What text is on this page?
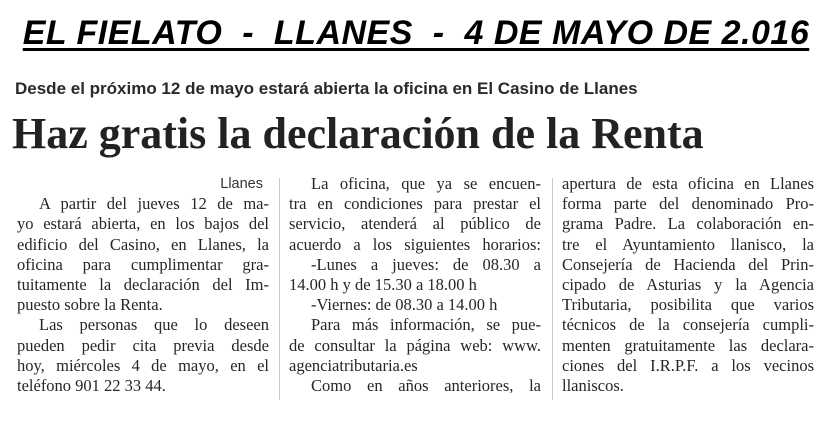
EL FIELATO  -  LLANES  -  4 DE MAYO DE 2.016
Desde el próximo 12 de mayo estará abierta la oficina en El Casino de Llanes
Haz gratis la declaración de la Renta
Llanes
A partir del jueves 12 de ma-
yo estará abierta, en los bajos del
edificio del Casino, en Llanes, la
oficina para cumplimentar gra-
tuitamente la declaración del Im-
puesto sobre la Renta.
Las personas que lo deseen
pueden pedir cita previa desde
hoy, miércoles 4 de mayo, en el
teléfono 901 22 33 44.
La oficina, que ya se encuen-
tra en condiciones para prestar el
servicio, atenderá al público de
acuerdo a los siguientes horarios:
-Lunes a jueves: de 08.30 a
14.00 h y de 15.30 a 18.00 h
-Viernes: de 08.30 a 14.00 h
Para más información, se pue-
de consultar la página web: www.
agenciatributaria.es
Como en años anteriores, la
apertura de esta oficina en Llanes
forma parte del denominado Pro-
grama Padre. La colaboración en-
tre el Ayuntamiento llanisco, la
Consejería de Hacienda del Prin-
cipado de Asturias y la Agencia
Tributaria, posibilita que varios
técnicos de la consejería cumpli-
menten gratuitamente las declara-
ciones del I.R.P.F. a los vecinos
llaniscos.
